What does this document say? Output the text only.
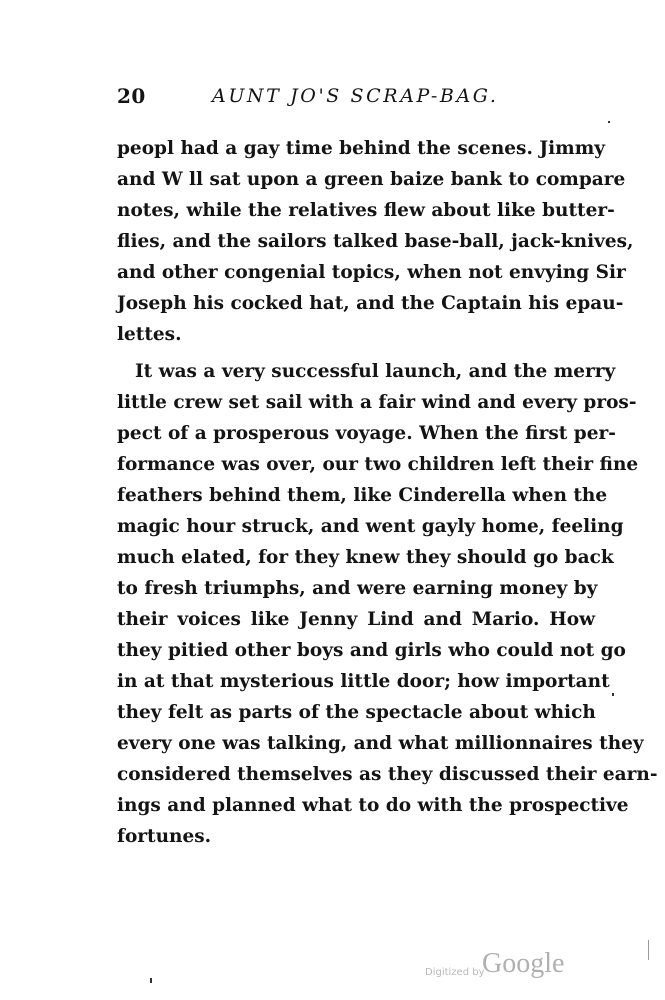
20	AUNT JO'S SCRAP-BAG.
peopl had a gay time behind the scenes. Jimmy
and W ll sat upon a green baize bank to compare
notes, while the relatives flew about like butter-
flies, and the sailors talked base-ball, jack-knives,
and other congenial topics, when not envying Sir
Joseph his cocked hat, and the Captain his epau-
lettes.
It was a very successful launch, and the merry
little crew set sail with a fair wind and every pros-
pect of a prosperous voyage. When the first per-
formance was over, our two children left their fine
feathers behind them, like Cinderella when the
magic hour struck, and went gayly home, feeling
much elated, for they knew they should go back
to fresh triumphs, and were earning money by
their voices like Jenny Lind and Mario. How
they pitied other boys and girls who could not go
in at that mysterious little door; how important
they felt as parts of the spectacle about which
every one was talking, and what millionnaires they
considered themselves as they discussed their earn-
ings and planned what to do with the prospective
fortunes.
Digitized by
Google
